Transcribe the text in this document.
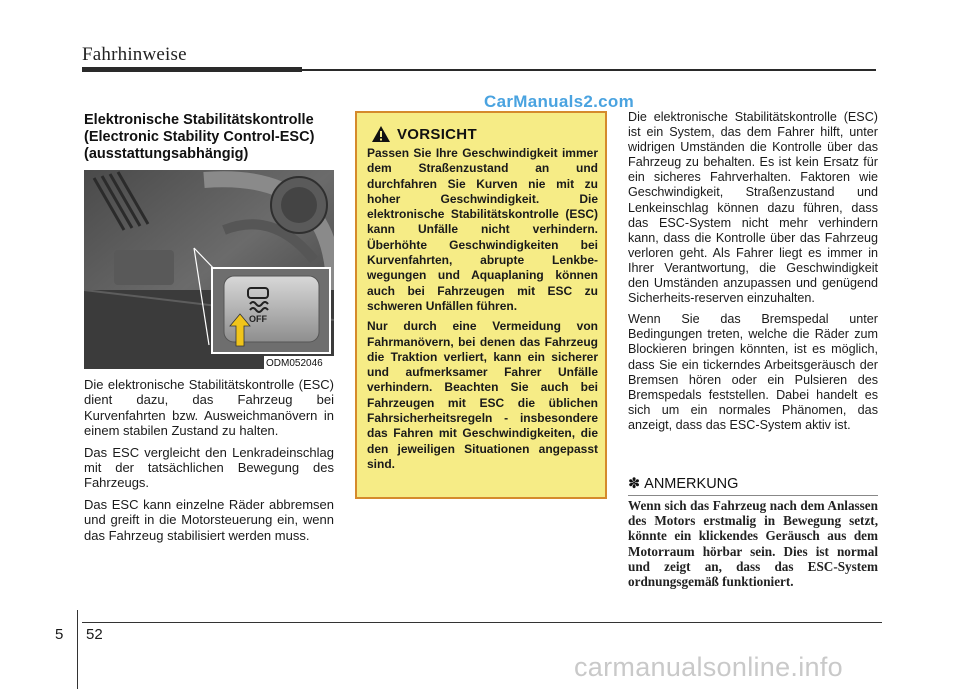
Fahrhinweise
CarManuals2.com
Elektronische Stabilitätskontrolle
(Electronic Stability Control-ESC)
(ausstattungsabhängig)
OFF
ODM052046

Die elektronische Stabilitätskontrolle (ESC) dient dazu, das Fahrzeug bei Kurvenfahrten bzw. Ausweichmanövern in einem stabilen Zustand zu halten.

Das ESC vergleicht den Lenkradeinschlag mit der tatsächlichen Bewegung des Fahrzeugs.

Das ESC kann einzelne Räder abbremsen und greift in die Motorsteuerung ein, wenn das Fahrzeug stabilisiert werden muss.

VORSICHT

Passen Sie Ihre Geschwindigkeit immer dem Straßenzustand an und durchfahren Sie Kurven nie mit zu hoher Geschwindigkeit. Die elektronische Stabilitätskontrolle (ESC) kann Unfälle nicht verhindern. Überhöhte Geschwindigkeiten bei Kurvenfahrten, abrupte Lenkbe-wegungen und Aquaplaning können auch bei Fahrzeugen mit ESC zu schweren Unfällen führen.

Nur durch eine Vermeidung von Fahrmanövern, bei denen das Fahrzeug die Traktion verliert, kann ein sicherer und aufmerksamer Fahrer Unfälle verhindern. Beachten Sie auch bei Fahrzeugen mit ESC die üblichen Fahrsicherheitsregeln - insbesondere das Fahren mit Geschwindigkeiten, die den jeweiligen Situationen angepasst sind.

Die elektronische Stabilitätskontrolle (ESC) ist ein System, das dem Fahrer hilft, unter widrigen Umständen die Kontrolle über das Fahrzeug zu behalten. Es ist kein Ersatz für ein sicheres Fahrverhalten. Faktoren wie Geschwindigkeit, Straßenzustand und Lenkeinschlag können dazu führen, dass das ESC-System nicht mehr verhindern kann, dass die Kontrolle über das Fahrzeug verloren geht. Als Fahrer liegt es immer in Ihrer Verantwortung, die Geschwindigkeit den Umständen anzupassen und genügend Sicherheits-reserven einzuhalten.

Wenn Sie das Bremspedal unter Bedingungen treten, welche die Räder zum Blockieren bringen könnten, ist es möglich, dass Sie ein tickerndes Arbeitsgeräusch der Bremsen hören oder ein Pulsieren des Bremspedals feststellen. Dabei handelt es sich um ein normales Phänomen, das anzeigt, dass das ESC-System aktiv ist.

✽ ANMERKUNG
Wenn sich das Fahrzeug nach dem Anlassen des Motors erstmalig in Bewegung setzt, könnte ein klickendes Geräusch aus dem Motorraum hörbar sein. Dies ist normal und zeigt an, dass das ESC-System ordnungsgemäß funktioniert.
5 52
carmanualsonline.info
